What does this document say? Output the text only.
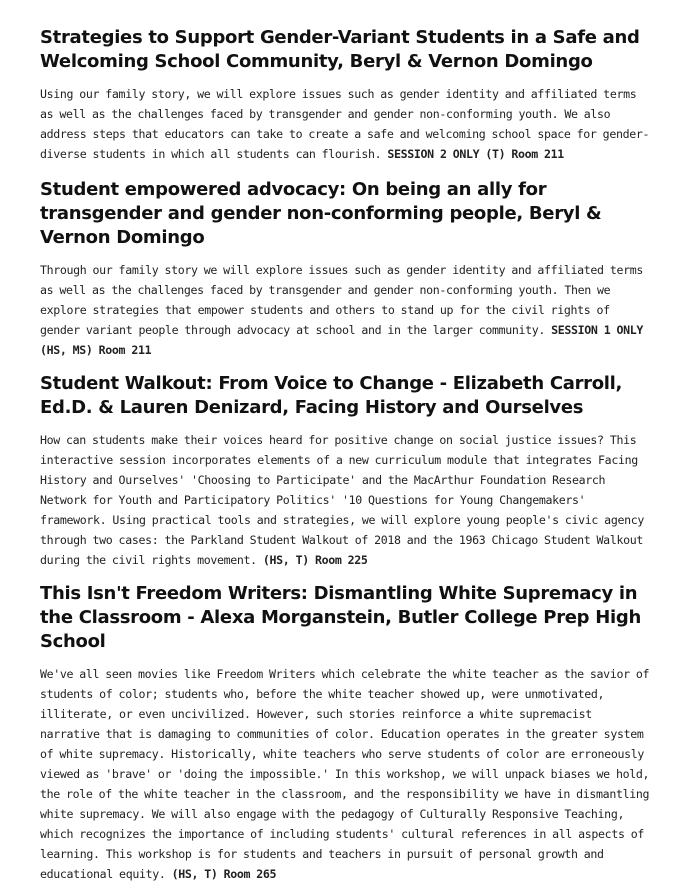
Strategies to Support Gender-Variant Students in a Safe and Welcoming School Community, Beryl & Vernon Domingo

Using our family story, we will explore issues such as gender identity and affiliated terms as well as the challenges faced by transgender and gender non-conforming youth. We also address steps that educators can take to create a safe and welcoming school space for gender-diverse students in which all students can flourish. SESSION 2 ONLY (T) Room 211

Student empowered advocacy: On being an ally for transgender and gender non-conforming people, Beryl & Vernon Domingo

Through our family story we will explore issues such as gender identity and affiliated terms as well as the challenges faced by transgender and gender non-conforming youth. Then we explore strategies that empower students and others to stand up for the civil rights of gender variant people through advocacy at school and in the larger community. SESSION 1 ONLY (HS, MS) Room 211

Student Walkout: From Voice to Change - Elizabeth Carroll, Ed.D. & Lauren Denizard, Facing History and Ourselves

How can students make their voices heard for positive change on social justice issues? This interactive session incorporates elements of a new curriculum module that integrates Facing History and Ourselves' 'Choosing to Participate' and the MacArthur Foundation Research Network for Youth and Participatory Politics' '10 Questions for Young Changemakers' framework. Using practical tools and strategies, we will explore young people's civic agency through two cases: the Parkland Student Walkout of 2018 and the 1963 Chicago Student Walkout during the civil rights movement. (HS, T) Room 225

This Isn't Freedom Writers: Dismantling White Supremacy in the Classroom - Alexa Morganstein, Butler College Prep High School

We've all seen movies like Freedom Writers which celebrate the white teacher as the savior of students of color; students who, before the white teacher showed up, were unmotivated, illiterate, or even uncivilized. However, such stories reinforce a white supremacist narrative that is damaging to communities of color. Education operates in the greater system of white supremacy. Historically, white teachers who serve students of color are erroneously viewed as 'brave' or 'doing the impossible.' In this workshop, we will unpack biases we hold, the role of the white teacher in the classroom, and the responsibility we have in dismantling white supremacy. We will also engage with the pedagogy of Culturally Responsive Teaching, which recognizes the importance of including students' cultural references in all aspects of learning. This workshop is for students and teachers in pursuit of personal growth and educational equity. (HS, T) Room 265
